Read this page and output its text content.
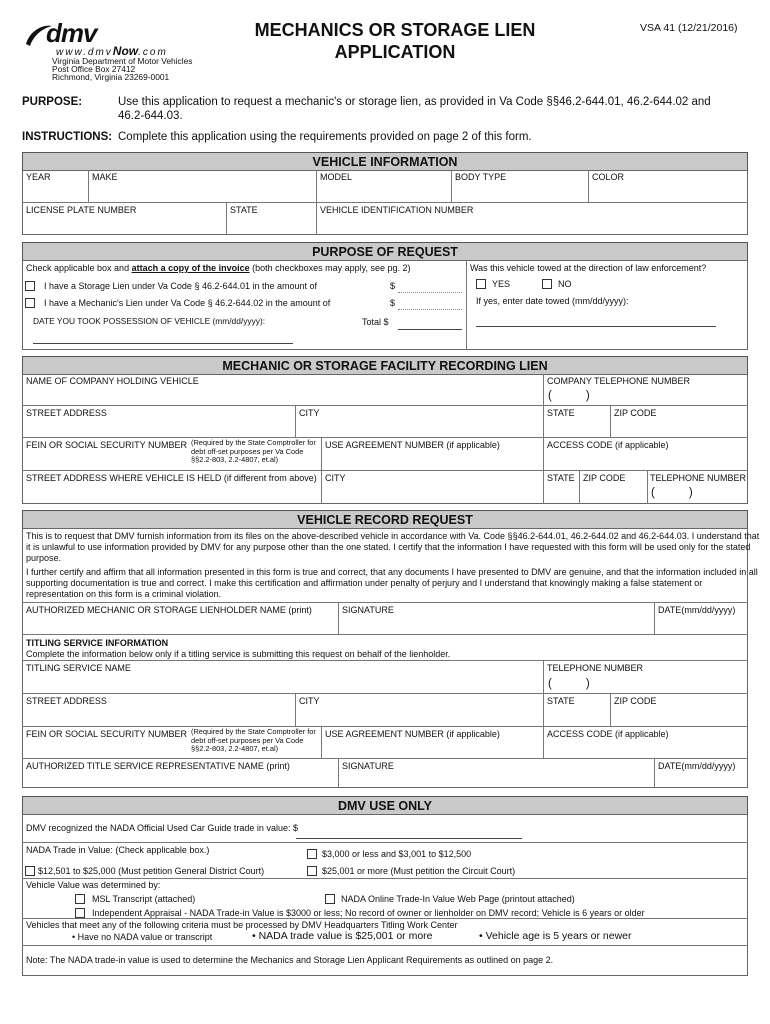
dmv
www.dmvNow.com
Virginia Department of Motor Vehicles
Post Office Box 27412
Richmond, Virginia 23269-0001
MECHANICS OR STORAGE LIEN
APPLICATION
VSA 41 (12/21/2016)
PURPOSE:	Use this application to request a mechanic's or storage lien, as provided in Va Code §§46.2-644.01, 46.2-644.02 and
46.2-644.03.
INSTRUCTIONS: Complete this application using the requirements provided on page 2 of this form.
VEHICLE INFORMATION
YEAR	MAKE	MODEL	BODY TYPE	COLOR
LICENSE PLATE NUMBER	STATE	VEHICLE IDENTIFICATION NUMBER
PURPOSE OF REQUEST
Check applicable box and attach a copy of the invoice (both checkboxes may apply, see pg. 2)
I have a Storage Lien under Va Code § 46.2-644.01 in the amount of	$
I have a Mechanic's Lien under Va Code § 46.2-644.02 in the amount of	$
DATE YOU TOOK POSSESSION OF VEHICLE (mm/dd/yyyy):	Total $
Was this vehicle towed at the direction of law enforcement?
YES	NO
If yes, enter date towed (mm/dd/yyyy):
MECHANIC OR STORAGE FACILITY RECORDING LIEN
NAME OF COMPANY HOLDING VEHICLE	COMPANY TELEPHONE NUMBER
(	)
STREET ADDRESS	CITY	STATE	ZIP CODE
FEIN OR SOCIAL SECURITY NUMBER (Required by the State Comptroller for
debt off-set purposes per Va Code
§§2.2-803, 2.2-4807, et.al)
USE AGREEMENT NUMBER (if applicable)	ACCESS CODE (if applicable)
STREET ADDRESS WHERE VEHICLE IS HELD (if different from above) CITY	STATE ZIP CODE	TELEPHONE NUMBER
(	)
VEHICLE RECORD REQUEST
This is to request that DMV furnish information from its files on the above-described vehicle in accordance with Va. Code §§46.2-644.01, 46.2-644.02 and 46.2-644.03. I understand that
it is unlawful to use information provided by DMV for any purpose other than the one stated. I certify that the information I have requested with this form will be used only for the stated
purpose.
I further certify and affirm that all information presented in this form is true and correct, that any documents I have presented to DMV are genuine, and that the information included in all
supporting documentation is true and correct. I make this certification and affirmation under penalty of perjury and I understand that knowingly making a false statement or
representation on this form is a criminal violation.
AUTHORIZED MECHANIC OR STORAGE LIENHOLDER NAME (print)	SIGNATURE	DATE(mm/dd/yyyy)
TITLING SERVICE INFORMATION
Complete the information below only if a titling service is submitting this request on behalf of the lienholder.
TITLING SERVICE NAME	TELEPHONE NUMBER
(	)
STREET ADDRESS	CITY	STATE	ZIP CODE
FEIN OR SOCIAL SECURITY NUMBER (Required by the State Comptroller for
debt off-set purposes per Va Code
§§2.2-803, 2.2-4807, et.al)
USE AGREEMENT NUMBER (if applicable)	ACCESS CODE (if applicable)
AUTHORIZED TITLE SERVICE REPRESENTATIVE NAME (print)	SIGNATURE	DATE(mm/dd/yyyy)
DMV USE ONLY
DMV recognized the NADA Official Used Car Guide trade in value: $
NADA Trade in Value: (Check applicable box.)	$3,000 or less and $3,001 to $12,500
$12,501 to $25,000 (Must petition General District Court)	$25,001 or more (Must petition the Circuit Court)
Vehicle Value was determined by:
MSL Transcript (attached)	NADA Online Trade-In Value Web Page (printout attached)
Independent Appraisal - NADA Trade-in Value is $3000 or less; No record of owner or lienholder on DMV record; Vehicle is 6 years or older
Vehicles that meet any of the following criteria must be processed by DMV Headquarters Titling Work Center
• Have no NADA value or transcript	• NADA trade value is $25,001 or more	• Vehicle age is 5 years or newer
Note: The NADA trade-in value is used to determine the Mechanics and Storage Lien Applicant Requirements as outlined on page 2.
